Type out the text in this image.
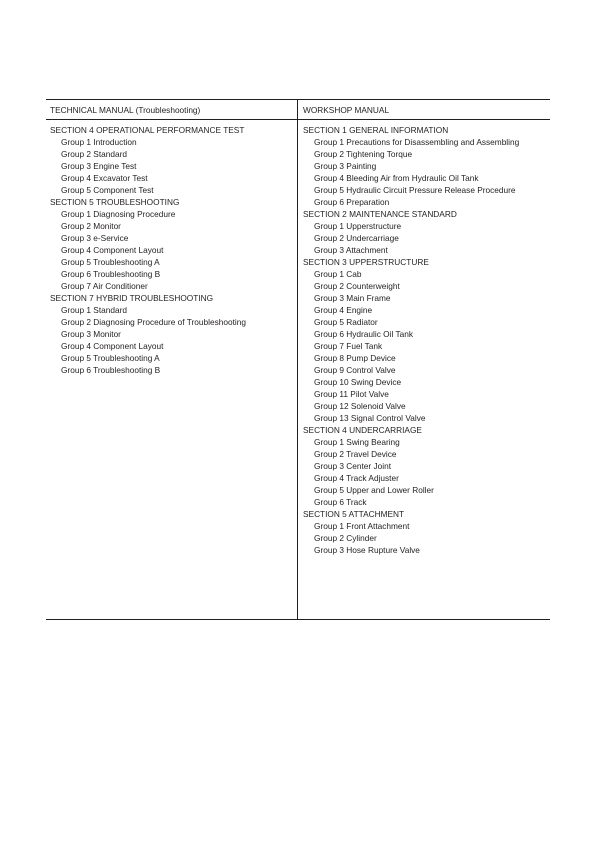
TECHNICAL MANUAL (Troubleshooting)
SECTION 4 OPERATIONAL PERFORMANCE TEST
Group 1 Introduction
Group 2 Standard
Group 3 Engine Test
Group 4 Excavator Test
Group 5 Component Test
SECTION 5 TROUBLESHOOTING
Group 1 Diagnosing Procedure
Group 2 Monitor
Group 3 e-Service
Group 4 Component Layout
Group 5 Troubleshooting A
Group 6 Troubleshooting B
Group 7 Air Conditioner
SECTION 7 HYBRID TROUBLESHOOTING
Group 1 Standard
Group 2 Diagnosing Procedure of Troubleshooting
Group 3 Monitor
Group 4 Component Layout
Group 5 Troubleshooting A
Group 6 Troubleshooting B
WORKSHOP MANUAL
SECTION 1 GENERAL INFORMATION
Group 1 Precautions for Disassembling and Assembling
Group 2 Tightening Torque
Group 3 Painting
Group 4 Bleeding Air from Hydraulic Oil Tank
Group 5 Hydraulic Circuit Pressure Release Procedure
Group 6 Preparation
SECTION 2 MAINTENANCE STANDARD
Group 1 Upperstructure
Group 2 Undercarriage
Group 3 Attachment
SECTION 3 UPPERSTRUCTURE
Group 1 Cab
Group 2 Counterweight
Group 3 Main Frame
Group 4 Engine
Group 5 Radiator
Group 6 Hydraulic Oil Tank
Group 7 Fuel Tank
Group 8 Pump Device
Group 9 Control Valve
Group 10 Swing Device
Group 11 Pilot Valve
Group 12 Solenoid Valve
Group 13 Signal Control Valve
SECTION 4 UNDERCARRIAGE
Group 1 Swing Bearing
Group 2 Travel Device
Group 3 Center Joint
Group 4 Track Adjuster
Group 5 Upper and Lower Roller
Group 6 Track
SECTION 5 ATTACHMENT
Group 1 Front Attachment
Group 2 Cylinder
Group 3 Hose Rupture Valve
